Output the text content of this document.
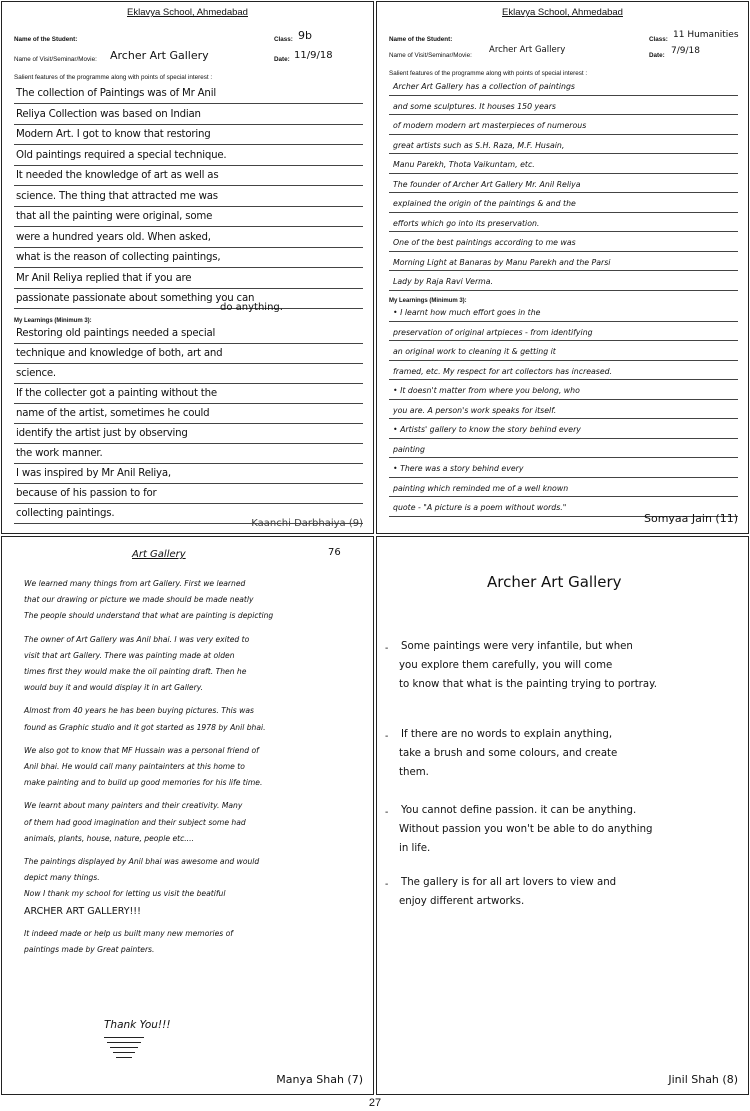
Eklavya School, Ahmedabad
Name of the Student:	Class: 9b
Name of Visit/Seminar/Movie: Archer Art Gallery	Date: 11/9/18
Salient features of the programme along with points of special interest :
The collection of Paintings was of Mr Anil
Reliya Collection was based on Indian
Modern Art. I got to know that restoring
Old paintings required a special technique.
It needed the knowledge of art as well as
science. The thing that attracted me was
that all the painting were original, some
were a hundred years old. When asked,
what is the reason of collecting paintings,
Mr Anil Reliya replied that if you are
passionate passionate about something you can
do anything.
My Learnings (Minimum 3):
Restoring old paintings needed a special
technique and knowledge of both, art and
science.
If the collecter got a painting without the
name of the artist, sometimes he could
identify the artist just by observing
the work manner.
I was inspired by Mr Anil Reliya,
because of his passion to for
collecting paintings.
Kaanchi Darbhaiya (9)
Eklavya School, Ahmedabad
Name of the Student:	Class: 11 Humanities
Name of Visit/Seminar/Movie:
Archer Art Gallery
Date: 7/9/18
Salient features of the programme along with points of special interest :
Archer Art Gallery has a collection of paintings
and some sculptures. It houses 150 years
of modern modern art masterpieces of numerous
great artists such as S.H. Raza, M.F. Husain,
Manu Parekh, Thota Vaikuntam, etc.
The founder of Archer Art Gallery Mr. Anil Reliya
explained the origin of the paintings & and the
efforts which go into its preservation.
One of the best paintings according to me was
Morning Light at Banaras by Manu Parekh and the Parsi
Lady by Raja Ravi Verma.
My Learnings (Minimum 3):
• I learnt how much effort goes in the
preservation of original artpieces - from identifying
an original work to cleaning it & getting it
framed, etc. My respect for art collectors has increased.
• It doesn't matter from where you belong, who
you are. A person's work speaks for itself.
• Artists' gallery to know the story behind every
painting
• There was a story behind every
painting which reminded me of a well known
quote - "A picture is a poem without words."
Somyaa Jain (11)
Art Gallery	76
We learned many things from art Gallery. First we learned
that our drawing or picture we made should be made neatly
The people should understand that what are painting is depicting
The owner of Art Gallery was Anil bhai. I was very exited to
visit that art Gallery. There was painting made at olden
times first they would make the oil painting draft. Then he
would buy it and would display it in art Gallery.
Almost from 40 years he has been buying pictures. This was
found as Graphic studio and it got started as 1978 by Anil bhai.
We also got to know that MF Hussain was a personal friend of
Anil bhai. He would call many paintainters at this home to
make painting and to build up good memories for his life time.
We learnt about many painters and their creativity. Many
of them had good imagination and their subject some had
animals, plants, house, nature, people etc....
The paintings displayed by Anil bhai was awesome and would
depict many things.
Now I thank my school for letting us visit the beatiful
ARCHER ART GALLERY!!!
It indeed made or help us built many new memories of
paintings made by Great painters.
Thank You!!!
Manya Shah (7)
Archer Art Gallery
- Some paintings were very infantile, but when
you explore them carefully, you will come
to know that what is the painting trying to portray.
- If there are no words to explain anything,
take a brush and some colours, and create
them.
- You cannot define passion. it can be anything.
Without passion you won't be able to do anything
in life.
- The gallery is for all art lovers to view and
enjoy different artworks.
Jinil Shah (8)
27
